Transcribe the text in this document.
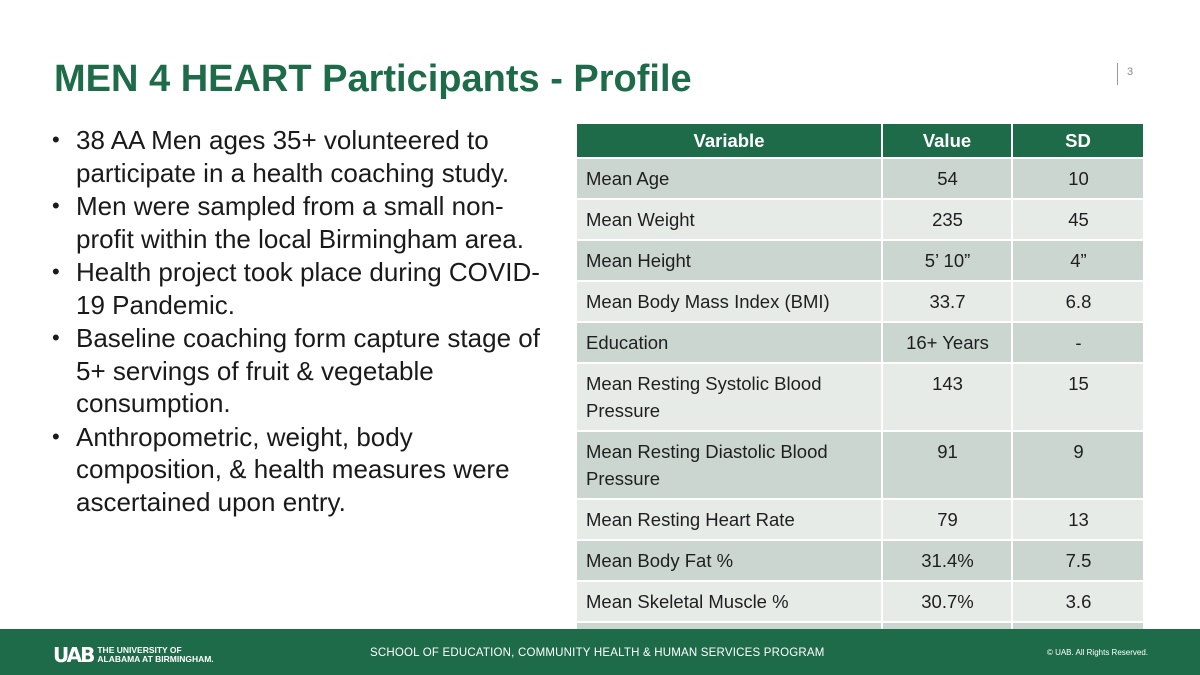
MEN 4 HEART Participants - Profile	3
• 38 AA Men ages 35+ volunteered to participate in a health coaching study.
• Men were sampled from a small non-profit within the local Birmingham area.
• Health project took place during COVID-19 Pandemic.
• Baseline coaching form capture stage of 5+ servings of fruit & vegetable consumption.
• Anthropometric, weight, body composition, & health measures were ascertained upon entry.
Variable	Value	SD
Mean Age	54	10
Mean Weight	235	45
Mean Height	5’ 10”	4”
Mean Body Mass Index (BMI)	33.7	6.8
Education	16+ Years	-
Mean Resting Systolic Blood Pressure	143	15
Mean Resting Diastolic Blood Pressure	91	9
Mean Resting Heart Rate	79	13
Mean Body Fat %	31.4%	7.5
Mean Skeletal Muscle %	30.7%	3.6

UAB THE UNIVERSITY OF
ALABAMA AT BIRMINGHAM.	SCHOOL OF EDUCATION, COMMUNITY HEALTH & HUMAN SERVICES PROGRAM	© UAB. All Rights Reserved.
